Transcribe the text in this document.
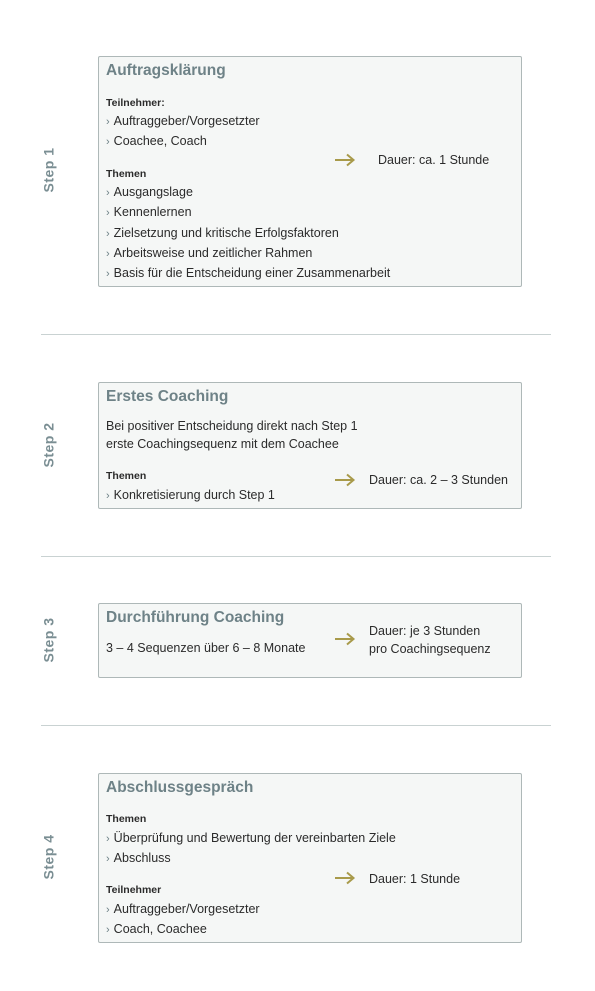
Step 1
Auftragsklärung
Teilnehmer:
› Auftraggeber/Vorgesetzter
› Coachee, Coach
Themen
› Ausgangslage
› Kennenlernen
› Zielsetzung und kritische Erfolgsfaktoren
› Arbeitsweise und zeitlicher Rahmen
› Basis für die Entscheidung einer Zusammenarbeit
Dauer: ca. 1 Stunde
Step 2
Erstes Coaching
Bei positiver Entscheidung direkt nach Step 1
erste Coachingsequenz mit dem Coachee
Themen
› Konkretisierung durch Step 1
Dauer: ca. 2 – 3 Stunden
Step 3	Durchführung Coaching
3 – 4 Sequenzen über 6 – 8 Monate
Dauer: je 3 Stunden
pro Coachingsequenz
Step 4
Abschlussgespräch
Themen
› Überprüfung und Bewertung der vereinbarten Ziele
› Abschluss
Teilnehmer
› Auftraggeber/Vorgesetzter
› Coach, Coachee
Dauer: 1 Stunde
